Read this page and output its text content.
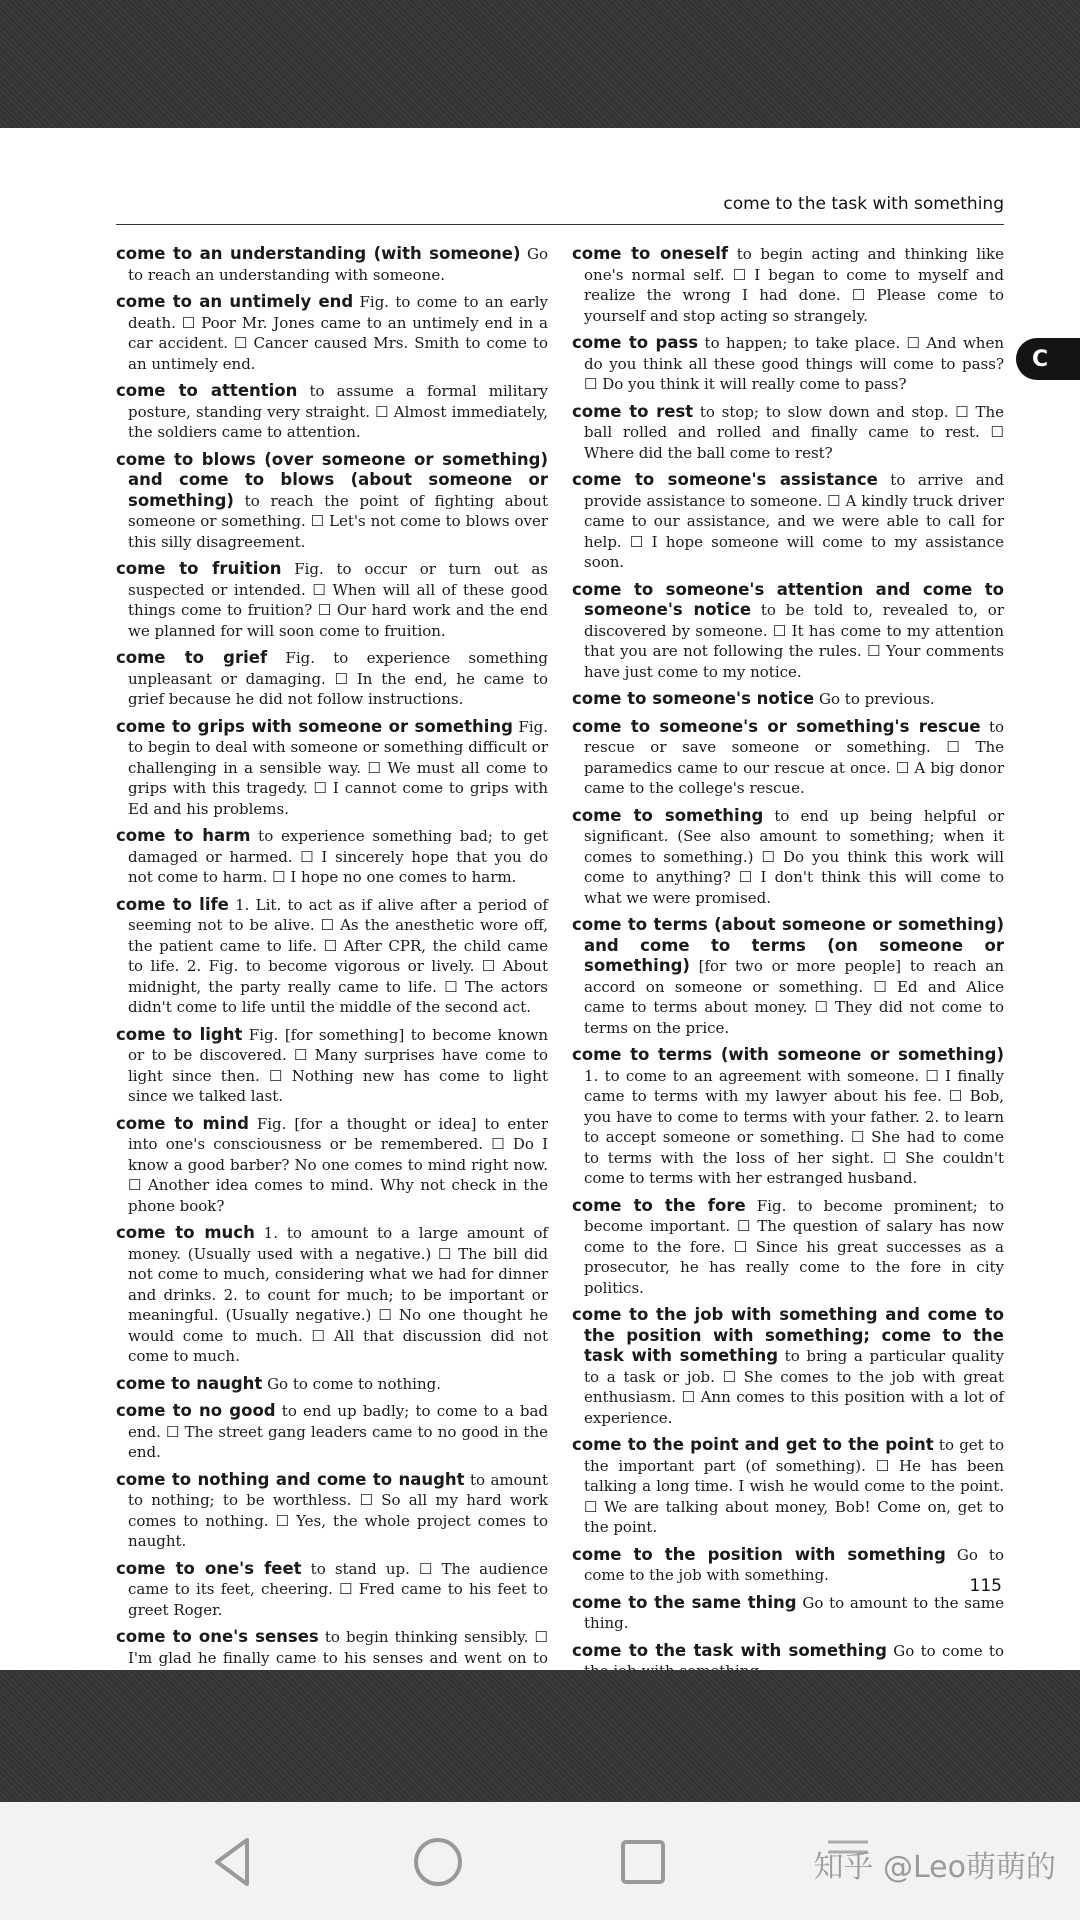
come to the task with something
C

come to an understanding (with someone) Go to reach an understanding with someone.

come to an untimely end Fig. to come to an early death. ☐ Poor Mr. Jones came to an untimely end in a car accident. ☐ Cancer caused Mrs. Smith to come to an untimely end.

come to attention to assume a formal military posture, standing very straight. ☐ Almost immediately, the soldiers came to attention.

come to blows (over someone or something) and come to blows (about someone or something) to reach the point of fighting about someone or something. ☐ Let's not come to blows over this silly disagreement.

come to fruition Fig. to occur or turn out as suspected or intended. ☐ When will all of these good things come to fruition? ☐ Our hard work and the end we planned for will soon come to fruition.

come to grief Fig. to experience something unpleasant or damaging. ☐ In the end, he came to grief because he did not follow instructions.

come to grips with someone or something Fig. to begin to deal with someone or something difficult or challenging in a sensible way. ☐ We must all come to grips with this tragedy. ☐ I cannot come to grips with Ed and his problems.

come to harm to experience something bad; to get damaged or harmed. ☐ I sincerely hope that you do not come to harm. ☐ I hope no one comes to harm.

come to life 1. Lit. to act as if alive after a period of seeming not to be alive. ☐ As the anesthetic wore off, the patient came to life. ☐ After CPR, the child came to life. 2. Fig. to become vigorous or lively. ☐ About midnight, the party really came to life. ☐ The actors didn't come to life until the middle of the second act.

come to light Fig. [for something] to become known or to be discovered. ☐ Many surprises have come to light since then. ☐ Nothing new has come to light since we talked last.

come to mind Fig. [for a thought or idea] to enter into one's consciousness or be remembered. ☐ Do I know a good barber? No one comes to mind right now. ☐ Another idea comes to mind. Why not check in the phone book?

come to much 1. to amount to a large amount of money. (Usually used with a negative.) ☐ The bill did not come to much, considering what we had for dinner and drinks. 2. to count for much; to be important or meaningful. (Usually negative.) ☐ No one thought he would come to much. ☐ All that discussion did not come to much.

come to naught Go to come to nothing.

come to no good to end up badly; to come to a bad end. ☐ The street gang leaders came to no good in the end.

come to nothing and come to naught to amount to nothing; to be worthless. ☐ So all my hard work comes to nothing. ☐ Yes, the whole project comes to naught.

come to one's feet to stand up. ☐ The audience came to its feet, cheering. ☐ Fred came to his feet to greet Roger.

come to one's senses to begin thinking sensibly. ☐ I'm glad he finally came to his senses and went on to

come to oneself to begin acting and thinking like one's normal self. ☐ I began to come to myself and realize the wrong I had done. ☐ Please come to yourself and stop acting so strangely.

come to pass to happen; to take place. ☐ And when do you think all these good things will come to pass? ☐ Do you think it will really come to pass?

come to rest to stop; to slow down and stop. ☐ The ball rolled and rolled and finally came to rest. ☐ Where did the ball come to rest?

come to someone's assistance to arrive and provide assistance to someone. ☐ A kindly truck driver came to our assistance, and we were able to call for help. ☐ I hope someone will come to my assistance soon.

come to someone's attention and come to someone's notice to be told to, revealed to, or discovered by someone. ☐ It has come to my attention that you are not following the rules. ☐ Your comments have just come to my notice.

come to someone's notice Go to previous.

come to someone's or something's rescue to rescue or save someone or something. ☐ The paramedics came to our rescue at once. ☐ A big donor came to the college's rescue.

come to something to end up being helpful or significant. (See also amount to something; when it comes to something.) ☐ Do you think this work will come to anything? ☐ I don't think this will come to what we were promised.

come to terms (about someone or something) and come to terms (on someone or something) [for two or more people] to reach an accord on someone or something. ☐ Ed and Alice came to terms about money. ☐ They did not come to terms on the price.

come to terms (with someone or something) 1. to come to an agreement with someone. ☐ I finally came to terms with my lawyer about his fee. ☐ Bob, you have to come to terms with your father. 2. to learn to accept someone or something. ☐ She had to come to terms with the loss of her sight. ☐ She couldn't come to terms with her estranged husband.

come to the fore Fig. to become prominent; to become important. ☐ The question of salary has now come to the fore. ☐ Since his great successes as a prosecutor, he has really come to the fore in city politics.

come to the job with something and come to the position with something; come to the task with something to bring a particular quality to a task or job. ☐ She comes to the job with great enthusiasm. ☐ Ann comes to this position with a lot of experience.

come to the point and get to the point to get to the important part (of something). ☐ He has been talking a long time. I wish he would come to the point. ☐ We are talking about money, Bob! Come on, get to the point.

come to the position with something Go to come to the job with something.

come to the same thing Go to amount to the same thing.

come to the task with something Go to come to

115
知乎 @Leo萌萌的
